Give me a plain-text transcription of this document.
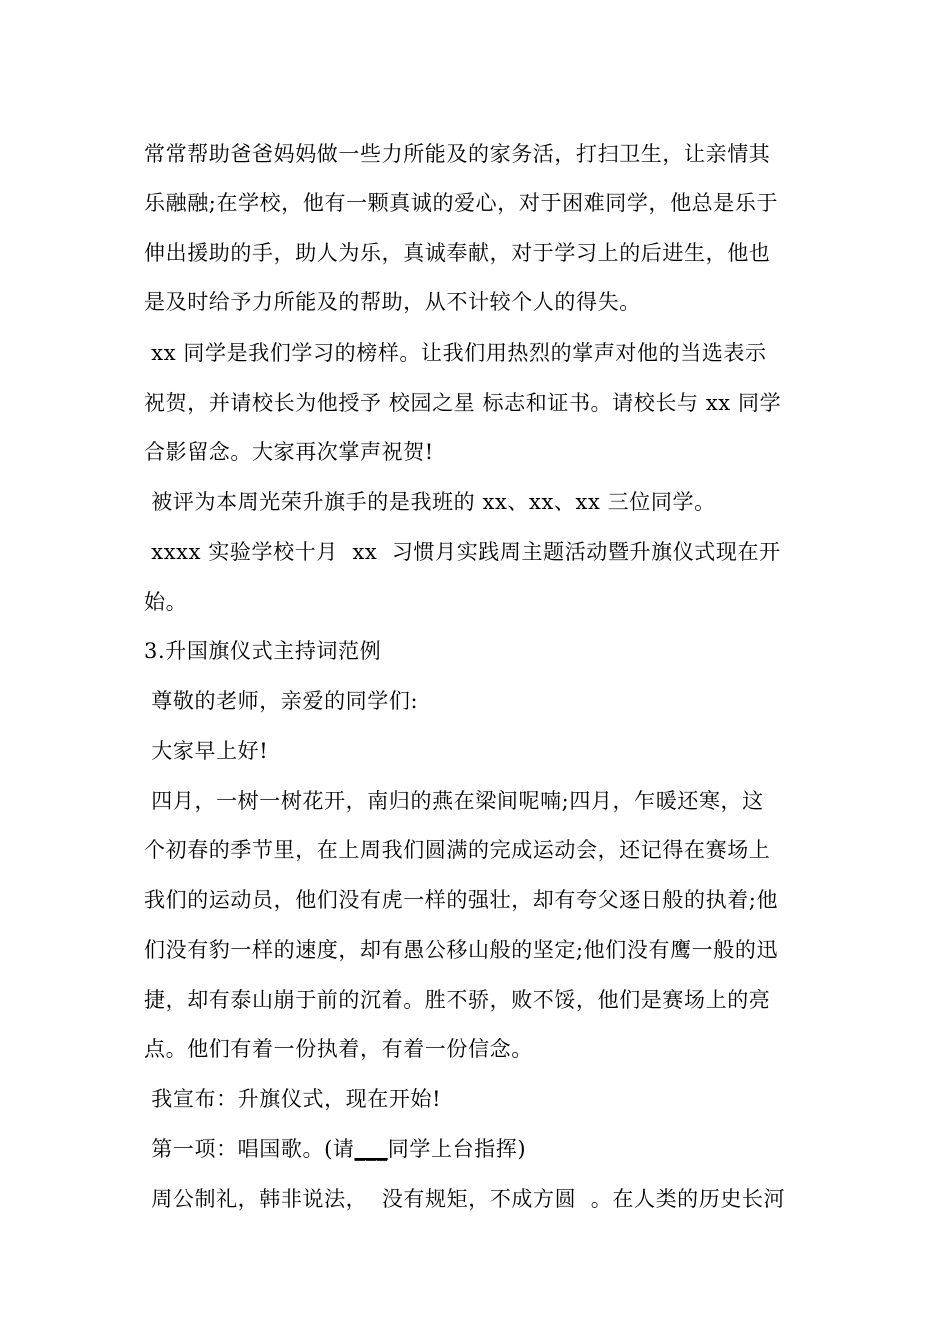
常常帮助爸爸妈妈做一些力所能及的家务活，打扫卫生，让亲情其
乐融融;在学校，他有一颗真诚的爱心，对于困难同学，他总是乐于
伸出援助的手，助人为乐，真诚奉献，对于学习上的后进生，他也
是及时给予力所能及的帮助，从不计较个人的得失。
xx 同学是我们学习的榜样。让我们用热烈的掌声对他的当选表示
祝贺，并请校长为他授予 校园之星 标志和证书。请校长与 xx 同学
合影留念。大家再次掌声祝贺!
被评为本周光荣升旗手的是我班的 xx、xx、xx 三位同学。
xxxx 实验学校十月  xx  习惯月实践周主题活动暨升旗仪式现在开
始。
3.升国旗仪式主持词范例
尊敬的老师，亲爱的同学们:
大家早上好!
四月，一树一树花开，南归的燕在梁间呢喃;四月，乍暖还寒，这
个初春的季节里，在上周我们圆满的完成运动会，还记得在赛场上
我们的运动员，他们没有虎一样的强壮，却有夸父逐日般的执着;他
们没有豹一样的速度，却有愚公移山般的坚定;他们没有鹰一般的迅
捷，却有泰山崩于前的沉着。胜不骄，败不馁，他们是赛场上的亮
点。他们有着一份执着，有着一份信念。
我宣布：升旗仪式，现在开始!
第一项：唱国歌。(请___同学上台指挥)
周公制礼，韩非说法，  没有规矩，不成方圆  。在人类的历史长河
